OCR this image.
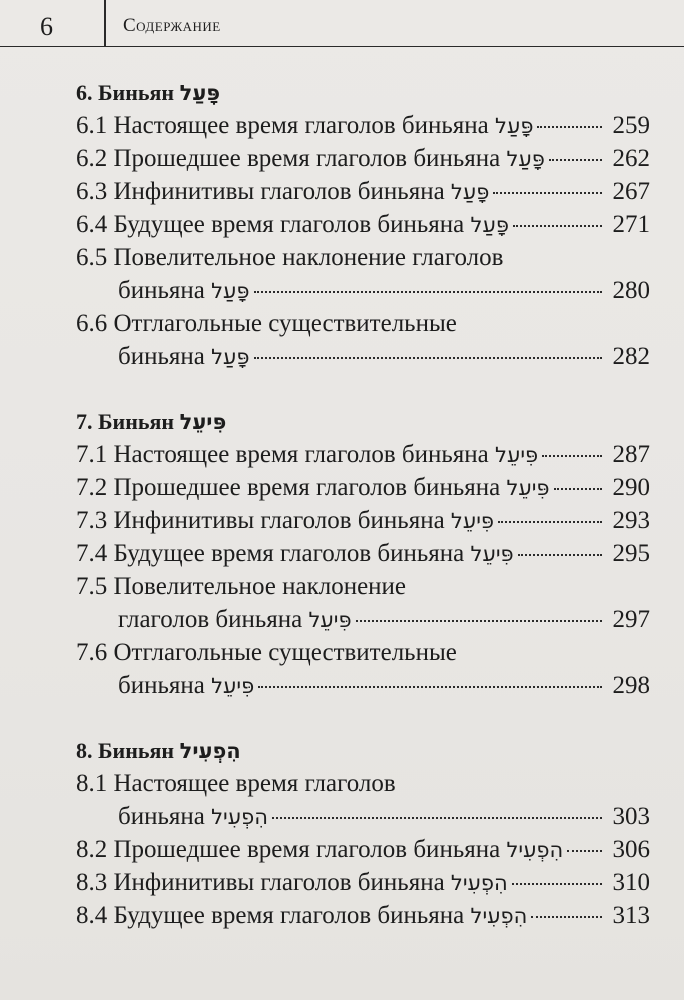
6	Содержание
6. Биньян פָּעַל
6.1
Настоящее время глаголов биньяна
פָּעַל	259
6.2
Прошедшее время глаголов биньяна
פָּעַל	262
6.3
Инфинитивы глаголов биньяна
פָּעַל	267
6.4
Будущее время глаголов биньяна
פָּעַל	271
6.5
Повелительное наклонение глаголов
биньяна
פָּעַל	280
6.6
Отглагольные существительные
биньяна
פָּעַל	282
7. Биньян פִּיעֵל
7.1
Настоящее время глаголов биньяна
פִּיעֵל	287
7.2
Прошедшее время глаголов биньяна
פִּיעֵל	290
7.3
Инфинитивы глаголов биньяна
פִּיעֵל	293
7.4
Будущее время глаголов биньяна
פִּיעֵל	295
7.5
Повелительное наклонение
глаголов биньяна
פִּיעֵל	297
7.6
Отглагольные существительные
биньяна
פִּיעֵל	298
8. Биньян הִפְעִיל
8.1
Настоящее время глаголов
биньяна
הִפְעִיל	303
8.2
Прошедшее время глаголов биньяна
הִפְעִיל 306
8.3
Инфинитивы глаголов биньяна
הִפְעִיל	310
8.4
Будущее время глаголов биньяна
הִפְעִיל	313
